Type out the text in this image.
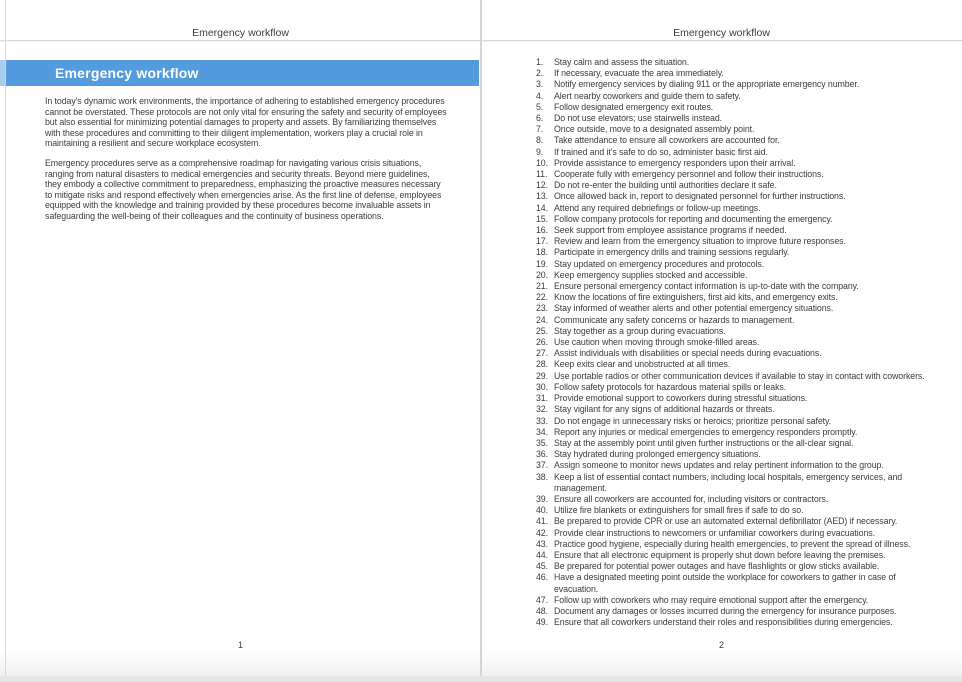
Emergency workflow
Emergency workflow

In today's dynamic work environments, the importance of adhering to established emergency procedures cannot be overstated. These protocols are not only vital for ensuring the safety and security of employees but also essential for minimizing potential damages to property and assets. By familiarizing themselves with these procedures and committing to their diligent implementation, workers play a crucial role in maintaining a resilient and secure workplace ecosystem.

Emergency procedures serve as a comprehensive roadmap for navigating various crisis situations, ranging from natural disasters to medical emergencies and security threats. Beyond mere guidelines, they embody a collective commitment to preparedness, emphasizing the proactive measures necessary to mitigate risks and respond effectively when emergencies arise. As the first line of defense, employees equipped with the knowledge and training provided by these procedures become invaluable assets in safeguarding the well-being of their colleagues and the continuity of business operations.

1
Emergency workflow
1.	Stay calm and assess the situation.
2.	If necessary, evacuate the area immediately.
3.	Notify emergency services by dialing 911 or the appropriate emergency number.
4.	Alert nearby coworkers and guide them to safety.
5.	Follow designated emergency exit routes.
6.	Do not use elevators; use stairwells instead.
7.	Once outside, move to a designated assembly point.
8.	Take attendance to ensure all coworkers are accounted for.
9.	If trained and it's safe to do so, administer basic first aid.
10. Provide assistance to emergency responders upon their arrival.
11. Cooperate fully with emergency personnel and follow their instructions.
12. Do not re-enter the building until authorities declare it safe.
13. Once allowed back in, report to designated personnel for further instructions.
14. Attend any required debriefings or follow-up meetings.
15. Follow company protocols for reporting and documenting the emergency.
16. Seek support from employee assistance programs if needed.
17. Review and learn from the emergency situation to improve future responses.
18. Participate in emergency drills and training sessions regularly.
19. Stay updated on emergency procedures and protocols.
20. Keep emergency supplies stocked and accessible.
21. Ensure personal emergency contact information is up-to-date with the company.
22. Know the locations of fire extinguishers, first aid kits, and emergency exits.
23. Stay informed of weather alerts and other potential emergency situations.
24. Communicate any safety concerns or hazards to management.
25. Stay together as a group during evacuations.
26. Use caution when moving through smoke-filled areas.
27. Assist individuals with disabilities or special needs during evacuations.
28. Keep exits clear and unobstructed at all times.
29. Use portable radios or other communication devices if available to stay in contact with coworkers.
30. Follow safety protocols for hazardous material spills or leaks.
31. Provide emotional support to coworkers during stressful situations.
32. Stay vigilant for any signs of additional hazards or threats.
33. Do not engage in unnecessary risks or heroics; prioritize personal safety.
34. Report any injuries or medical emergencies to emergency responders promptly.
35. Stay at the assembly point until given further instructions or the all-clear signal.
36. Stay hydrated during prolonged emergency situations.
37. Assign someone to monitor news updates and relay pertinent information to the group.
38. Keep a list of essential contact numbers, including local hospitals, emergency services, and management.
39. Ensure all coworkers are accounted for, including visitors or contractors.
40. Utilize fire blankets or extinguishers for small fires if safe to do so.
41. Be prepared to provide CPR or use an automated external defibrillator (AED) if necessary.
42. Provide clear instructions to newcomers or unfamiliar coworkers during evacuations.
43. Practice good hygiene, especially during health emergencies, to prevent the spread of illness.
44. Ensure that all electronic equipment is properly shut down before leaving the premises.
45. Be prepared for potential power outages and have flashlights or glow sticks available.
46. Have a designated meeting point outside the workplace for coworkers to gather in case of evacuation.
47. Follow up with coworkers who may require emotional support after the emergency.
48. Document any damages or losses incurred during the emergency for insurance purposes.
49. Ensure that all coworkers understand their roles and responsibilities during emergencies.
2
